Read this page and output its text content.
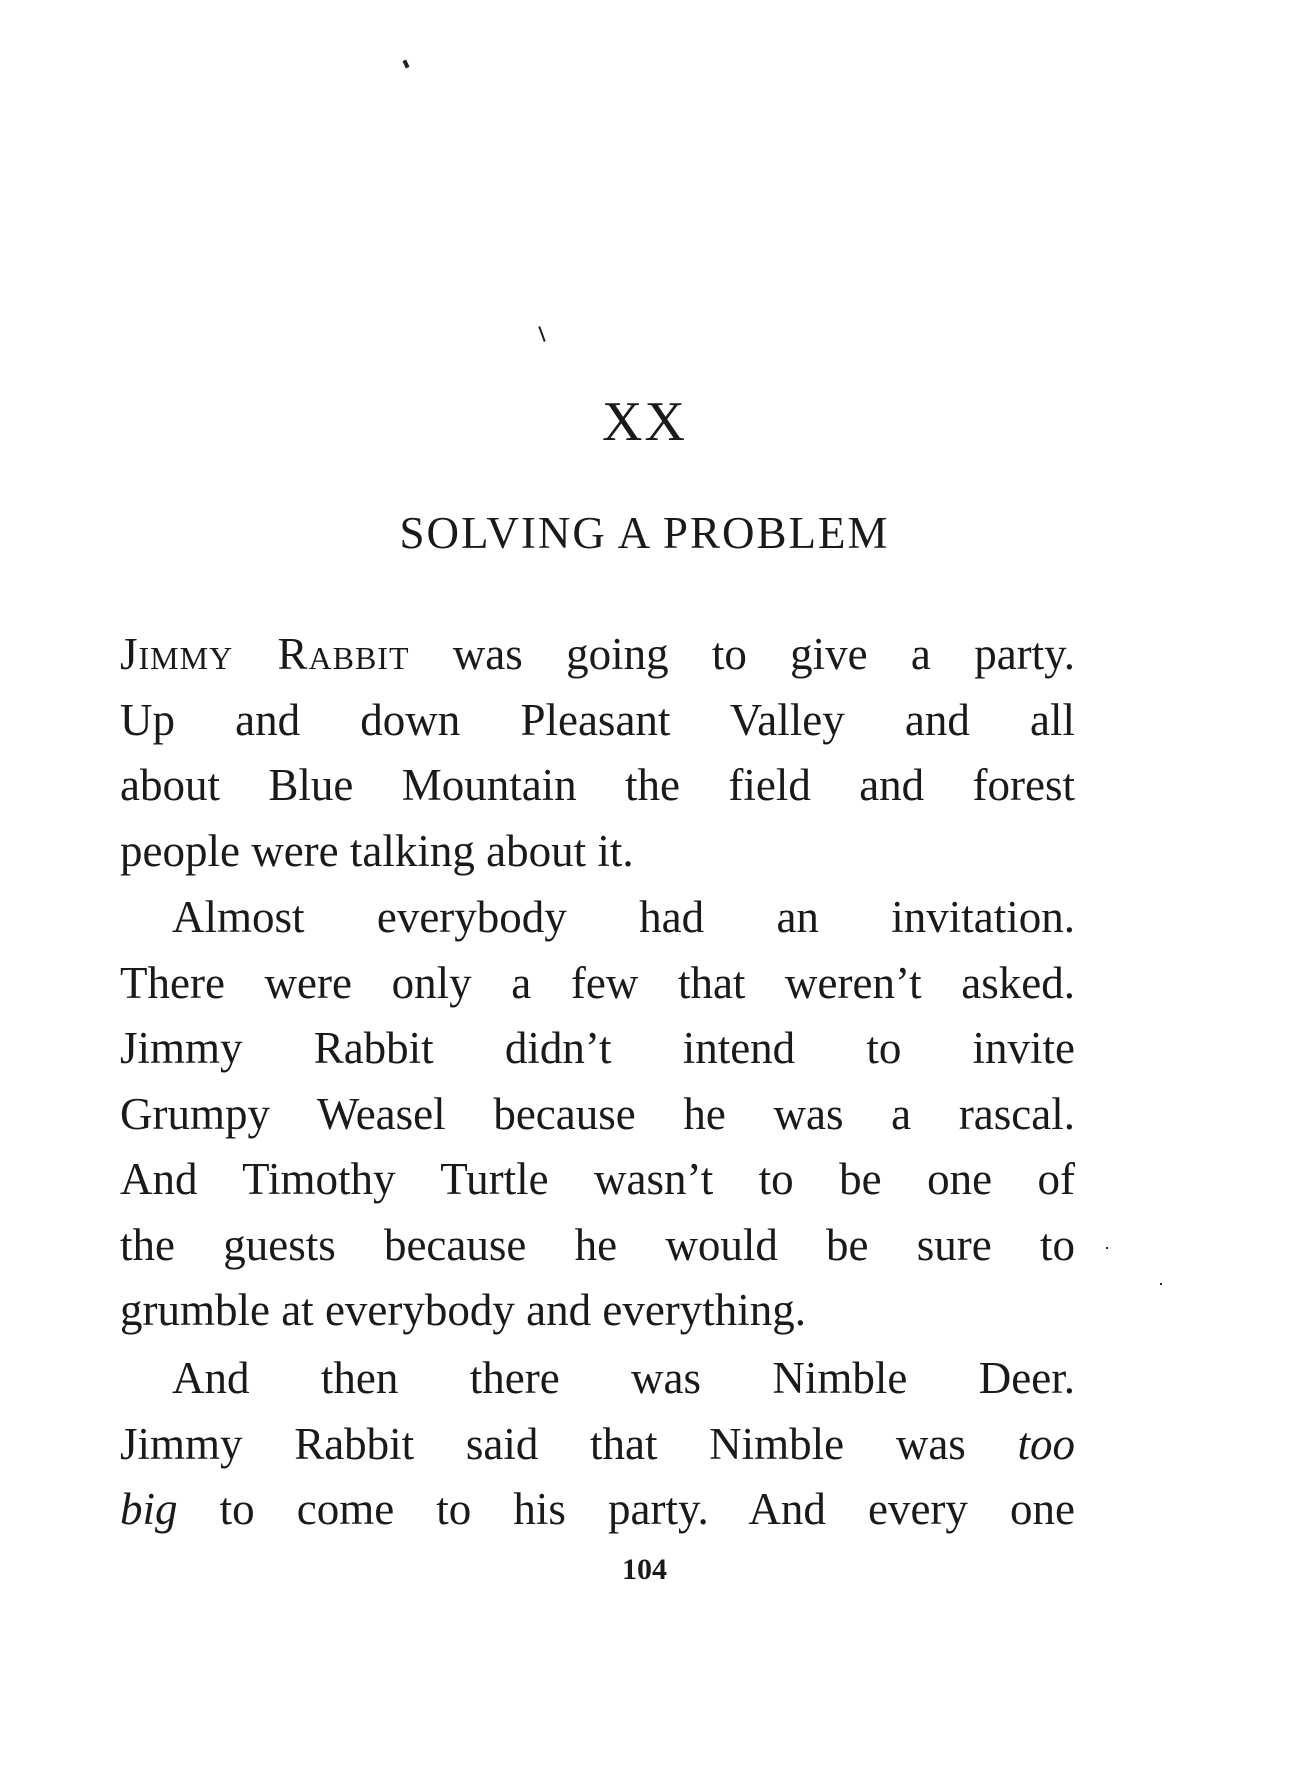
XX
SOLVING A PROBLEM
Jimmy Rabbit was going to give a party.
Up and down Pleasant Valley and all
about Blue Mountain the field and forest
people were talking about it.
Almost everybody had an invitation.
There were only a few that weren’t asked.
Jimmy Rabbit didn’t intend to invite
Grumpy Weasel because he was a rascal.
And Timothy Turtle wasn’t to be one of
the guests because he would be sure to
grumble at everybody and everything.
And then there was Nimble Deer.
Jimmy Rabbit said that Nimble was too
big to come to his party. And every one
104
